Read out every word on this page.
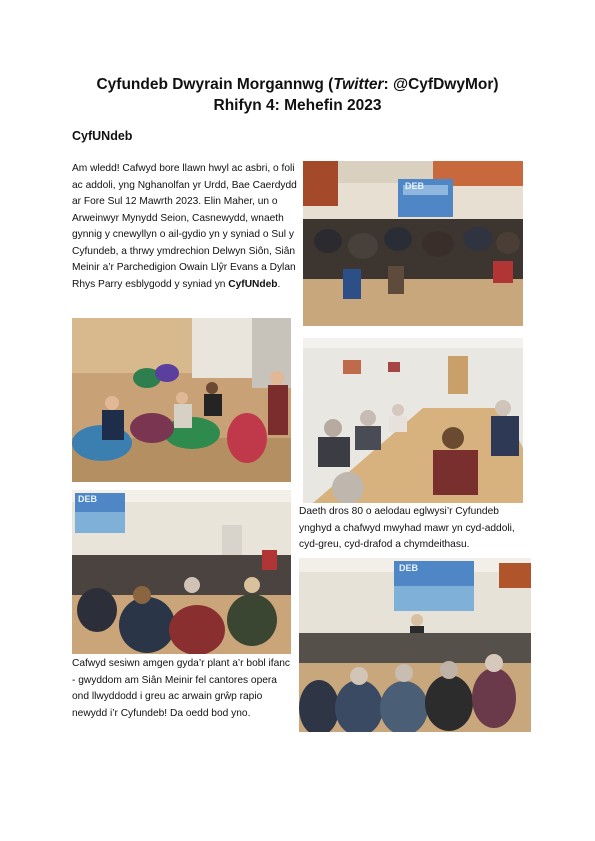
Cyfundeb Dwyrain Morgannwg (Twitter: @CyfDwyMor)
Rhifyn 4: Mehefin 2023
CyfUNdeb

Am wledd! Cafwyd bore llawn hwyl ac asbri, o foli ac addoli, yng Nghanolfan yr Urdd, Bae Caerdydd ar Fore Sul 12 Mawrth 2023. Elin Maher, un o Arweinwyr Mynydd Seion, Casnewydd, wnaeth gynnig y cnewyllyn o ail-gydio yn y syniad o Sul y Cyfundeb, a thrwy ymdrechion Delwyn Siôn, Siân Meinir a’r Parchedigion Owain Llŷr Evans a Dylan Rhys Parry esblygodd y syniad yn CyfUNdeb.

DEB

Daeth dros 80 o aelodau eglwysi’r Cyfundeb ynghyd a chafwyd mwyhad mawr yn cyd-addoli, cyd-greu, cyd-drafod a chymdeithasu.

DEB
DEB

Cafwyd sesiwn amgen gyda’r plant a’r bobl ifanc - gwyddom am Siân Meinir fel cantores opera ond llwyddodd i greu ac arwain grŵp rapio newydd i’r Cyfundeb! Da oedd bod yno.
